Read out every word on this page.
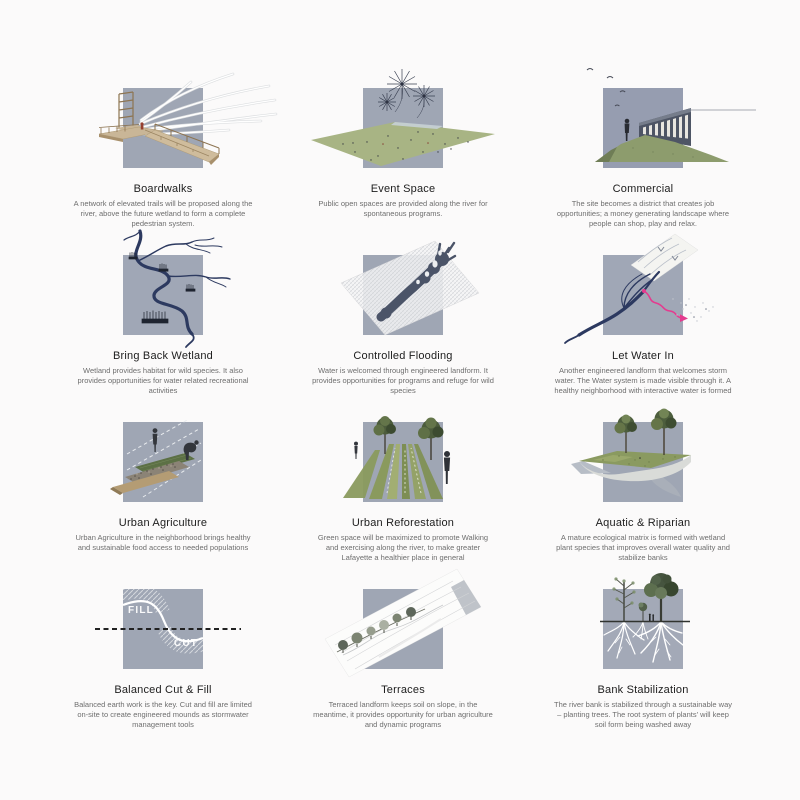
Boardwalks
A network of elevated trails will be proposed along the river, above the future wetland to form a complete pedestrian system.
Event Space
Public open spaces are provided along the river for spontaneous programs.
Commercial
The site becomes a district that creates job opportunities; a money generating landscape where people can shop, play and relax.
Bring Back Wetland
Wetland provides habitat for wild species. It also provides opportunities for water related recreational activities
Controlled Flooding
Water is welcomed through engineered landform. It provides opportunities for programs and refuge for wild species
Let Water In
Another engineered landform that welcomes storm water. The Water system is made visible through it. A healthy neighborhood with interactive water is formed
Urban Agriculture
Urban Agriculture in the neighborhood brings healthy and sustainable food access to needed populations
Urban Reforestation
Green space will be maximized to promote Walking and exercising along the river, to make greater Lafayette a healthier place in general
Aquatic & Riparian
A mature ecological matrix is formed with wetland plant species that improves overall water quality and stabilize banks
FILL
CUT
Balanced Cut & Fill
Balanced earth work is the key. Cut and fill are limited on-site to create engineered mounds as stormwater management tools
Terraces
Terraced landform keeps soil on slope, in the meantime, it provides opportunity for urban agriculture and dynamic programs
Bank Stabilization
The river bank is stabilized through a sustainable way – planting trees. The root system of plants' will keep soil form being washed away
